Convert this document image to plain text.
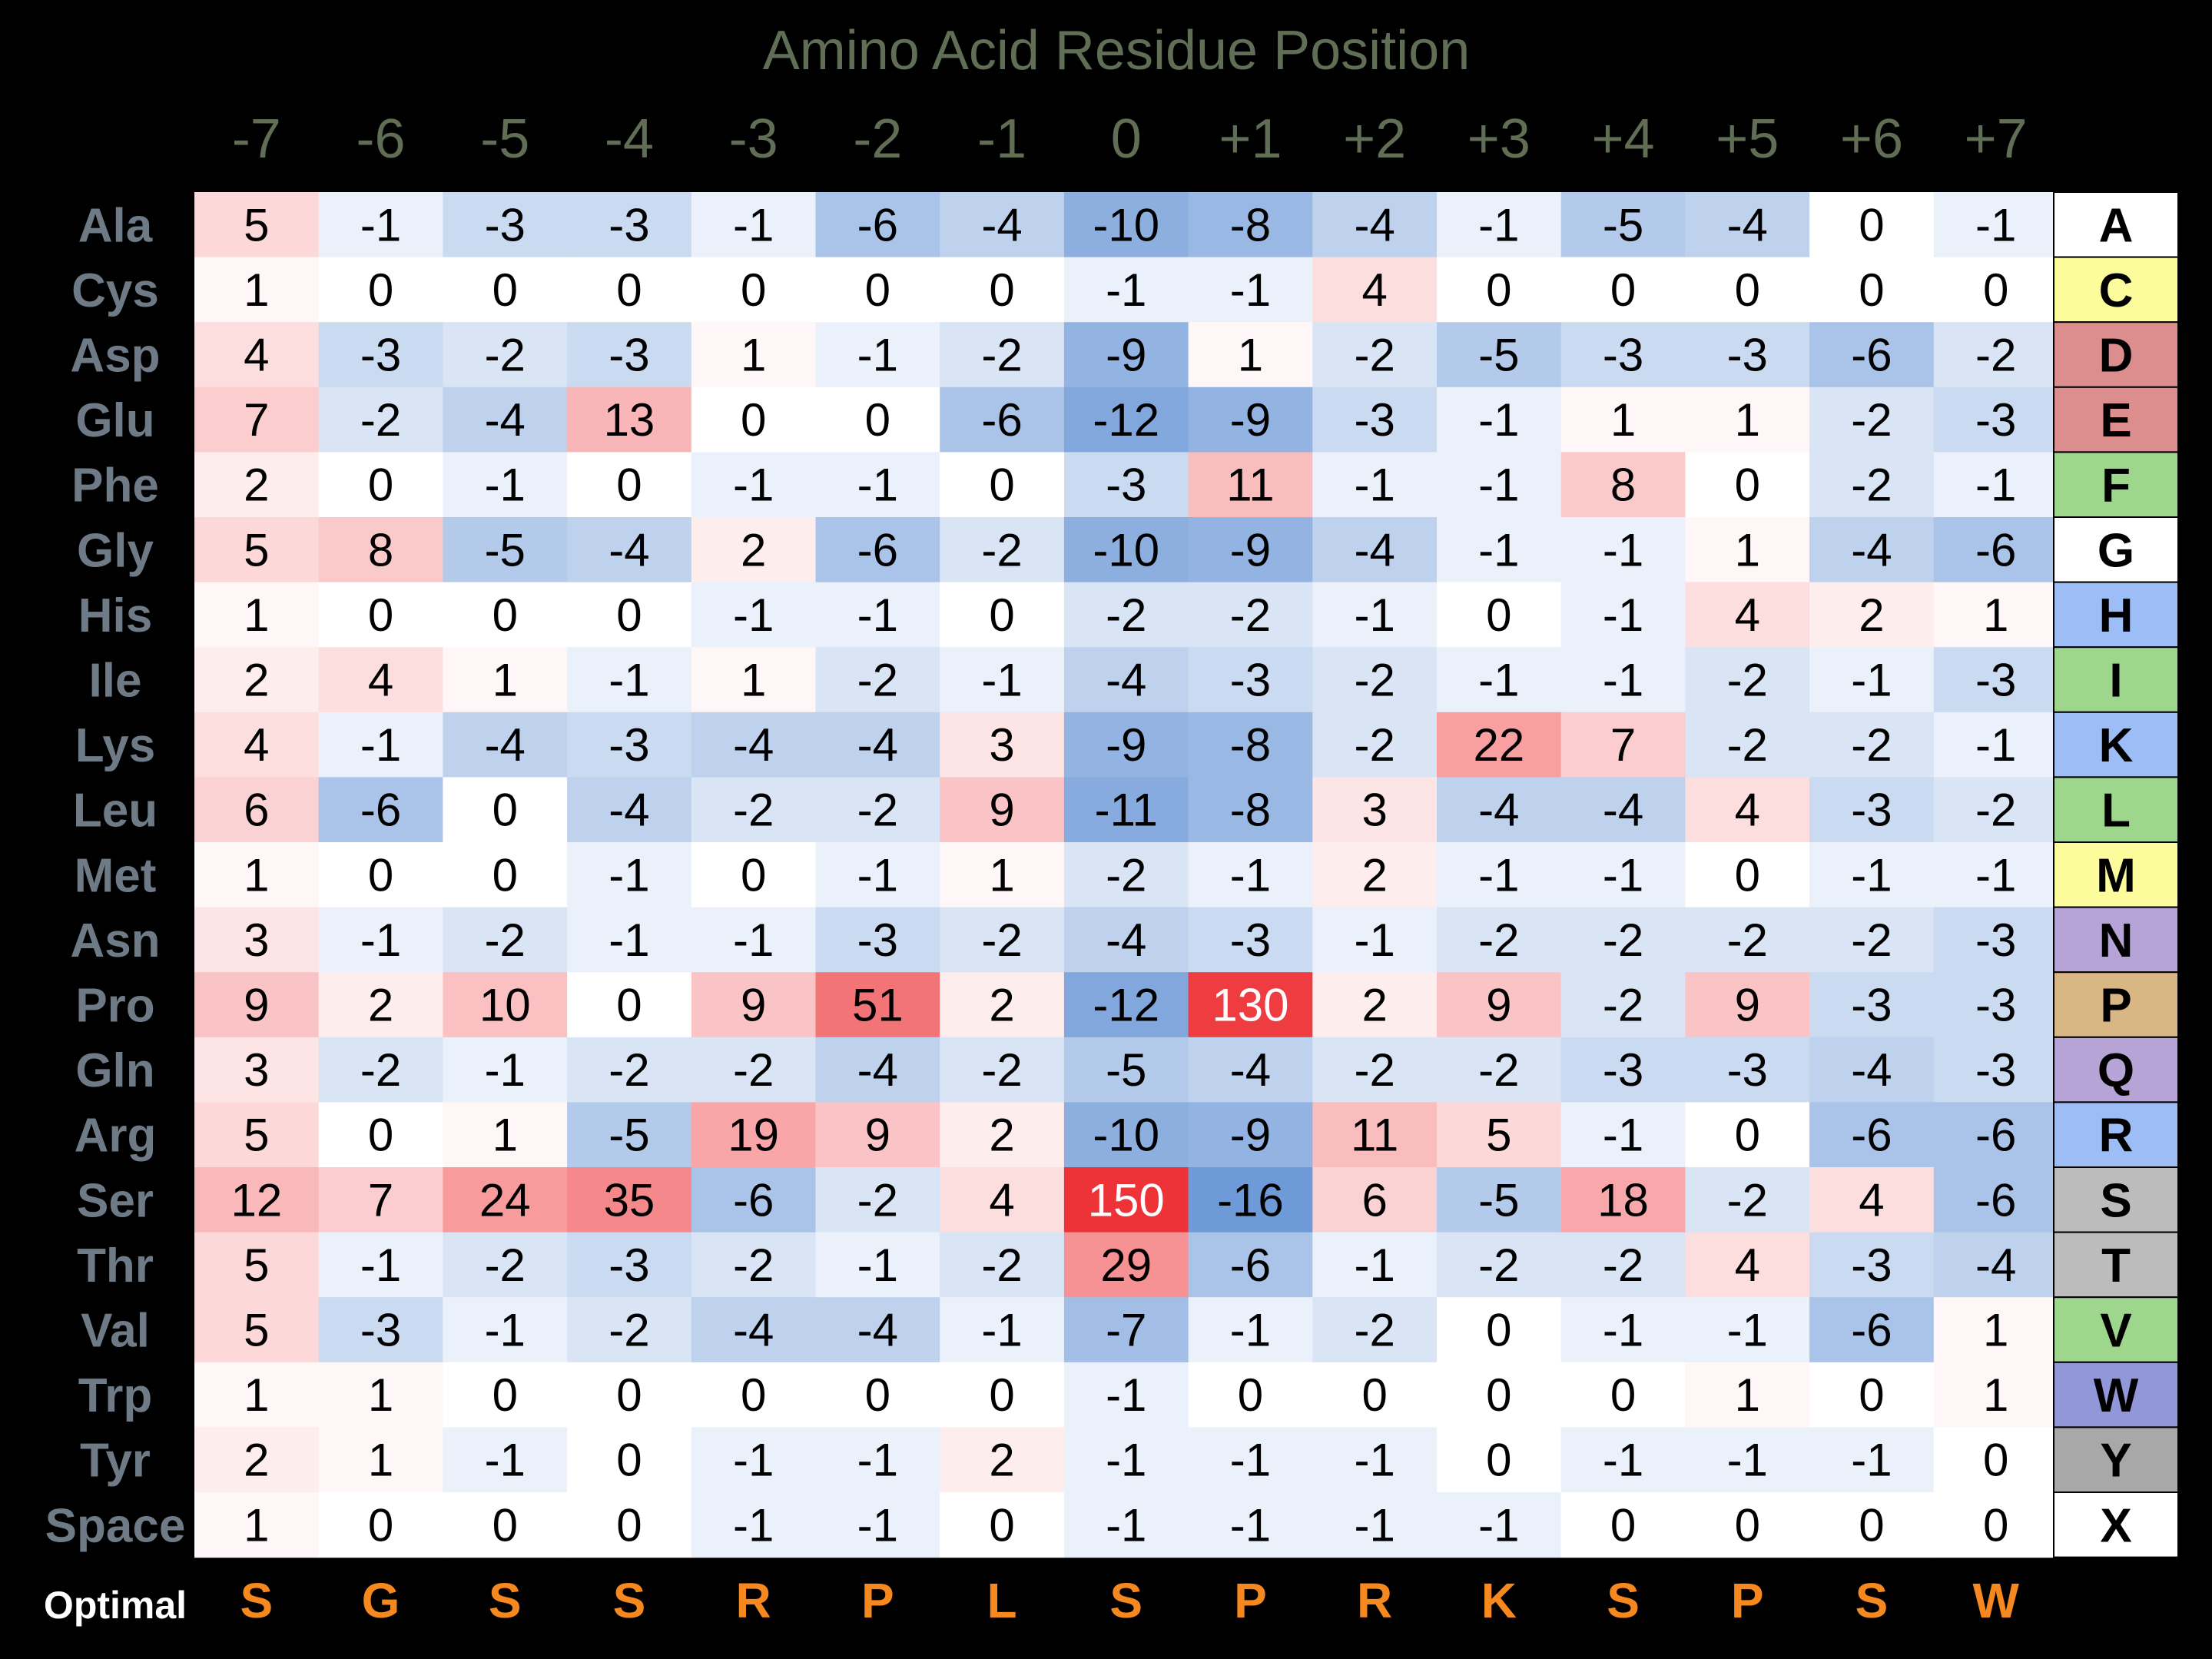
Amino Acid Residue Position
-7 -6 -5 -4 -3 -2 -1 0 +1 +2 +3 +4 +5 +6 +7
5 -1 -3 -3 -1 -6 -4 -10 -8 -4 -1 -5 -4 0 -1
1 0 0 0 0 0 0 -1 -1 4 0 0 0 0 0
4 -3 -2 -3 1 -1 -2 -9 1 -2 -5 -3 -3 -6 -2
7 -2 -4 13 0 0 -6 -12 -9 -3 -1 1 1 -2 -3
2 0 -1 0 -1 -1 0 -3 11 -1 -1 8 0 -2 -1
5 8 -5 -4 2 -6 -2 -10 -9 -4 -1 -1 1 -4 -6
1 0 0 0 -1 -1 0 -2 -2 -1 0 -1 4 2 1
2 4 1 -1 1 -2 -1 -4 -3 -2 -1 -1 -2 -1 -3
4 -1 -4 -3 -4 -4 3 -9 -8 -2 22 7 -2 -2 -1
6 -6 0 -4 -2 -2 9 -11 -8 3 -4 -4 4 -3 -2
1 0 0 -1 0 -1 1 -2 -1 2 -1 -1 0 -1 -1
3 -1 -2 -1 -1 -3 -2 -4 -3 -1 -2 -2 -2 -2 -3
9 2 10 0 9 51 2 -12 130 2 9 -2 9 -3 -3
3 -2 -1 -2 -2 -4 -2 -5 -4 -2 -2 -3 -3 -4 -3
5 0 1 -5 19 9 2 -10 -9 11 5 -1 0 -6 -6
12 7 24 35 -6 -2 4 150 -16 6 -5 18 -2 4 -6
5 -1 -2 -3 -2 -1 -2 29 -6 -1 -2 -2 4 -3 -4
5 -3 -1 -2 -4 -4 -1 -7 -1 -2 0 -1 -1 -6 1
1 1 0 0 0 0 0 -1 0 0 0 0 1 0 1
2 1 -1 0 -1 -1 2 -1 -1 -1 0 -1 -1 -1 0
1 0 0 0 -1 -1 0 -1 -1 -1 -1 0 0 0 0
Ala
Cys
Asp
Glu
Phe
Gly
His
Ile
Lys
Leu
Met
Asn
Pro
Gln
Arg
Ser
Thr
Val
Trp
Tyr
Space
A
C
D
E
F
G
H
I
K
L
M
N
P
Q
R
S
T
V
W
Y
X
Optimal S G S S R P L S P R K S P S W
